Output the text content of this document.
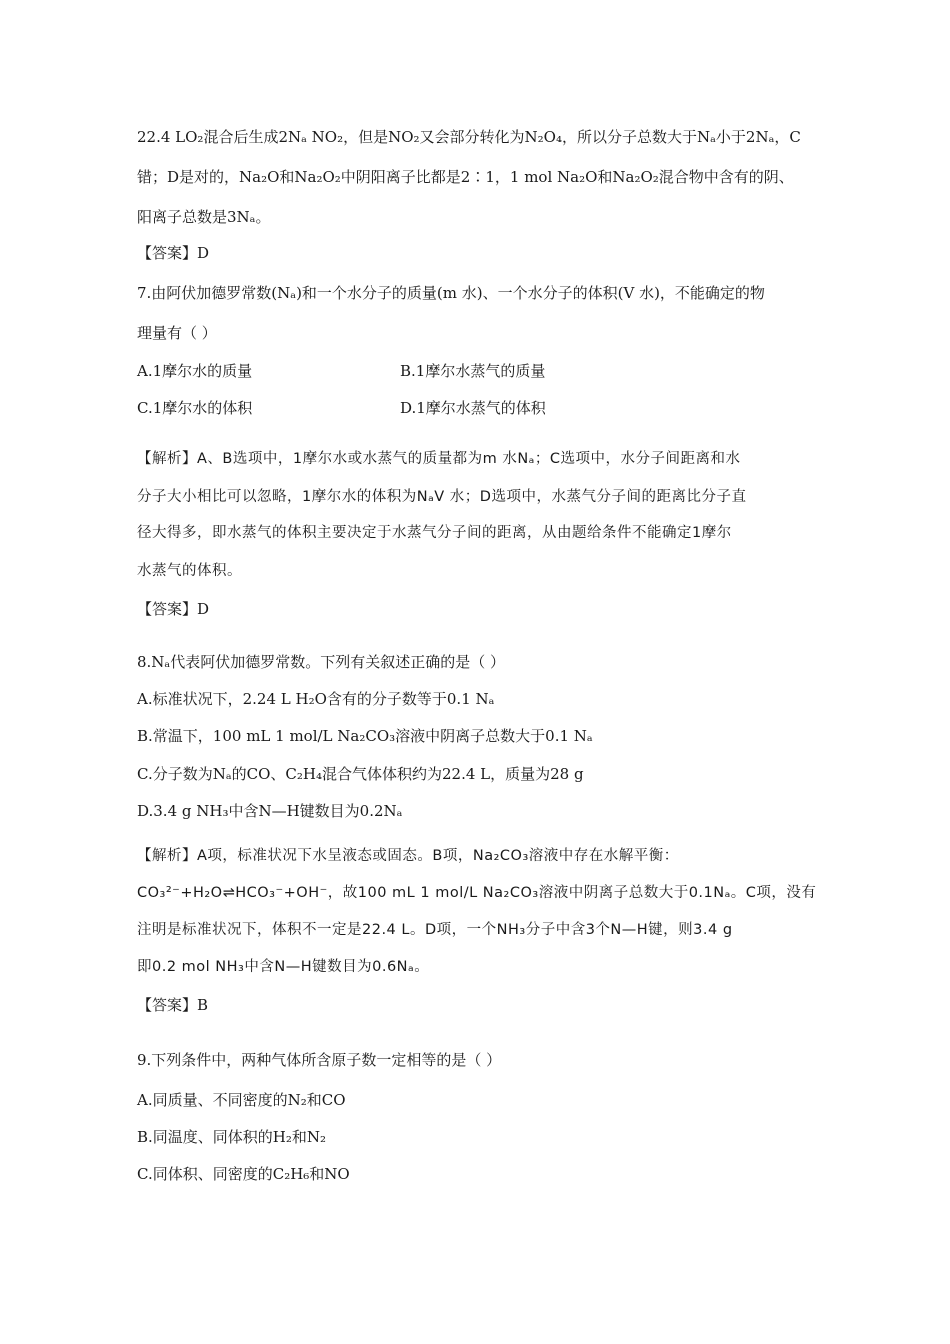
22.4 LO₂混合后生成2Nₐ NO₂，但是NO₂又会部分转化为N₂O₄，所以分子总数大于Nₐ小于2Nₐ，C
错；D是对的，Na₂O和Na₂O₂中阴阳离子比都是2∶1，1 mol Na₂O和Na₂O₂混合物中含有的阴、
阳离子总数是3Nₐ。
【答案】D
7.由阿伏加德罗常数(Nₐ)和一个水分子的质量(m 水)、一个水分子的体积(V 水)，不能确定的物
理量有（ ）
A.1摩尔水的质量	B.1摩尔水蒸气的质量
C.1摩尔水的体积	D.1摩尔水蒸气的体积
【解析】A、B选项中，1摩尔水或水蒸气的质量都为m 水Nₐ；C选项中，水分子间距离和水
分子大小相比可以忽略，1摩尔水的体积为NₐV 水；D选项中，水蒸气分子间的距离比分子直
径大得多，即水蒸气的体积主要决定于水蒸气分子间的距离，从由题给条件不能确定1摩尔
水蒸气的体积。
【答案】D
8.Nₐ代表阿伏加德罗常数。下列有关叙述正确的是（ ）
A.标准状况下，2.24 L H₂O含有的分子数等于0.1 Nₐ
B.常温下，100 mL 1 mol/L Na₂CO₃溶液中阴离子总数大于0.1 Nₐ
C.分子数为Nₐ的CO、C₂H₄混合气体体积约为22.4 L，质量为28 g
D.3.4 g NH₃中含N—H键数目为0.2Nₐ
【解析】A项，标准状况下水呈液态或固态。B项，Na₂CO₃溶液中存在水解平衡：
CO₃²⁻+H₂O⇌HCO₃⁻+OH⁻，故100 mL 1 mol/L Na₂CO₃溶液中阴离子总数大于0.1Nₐ。C项，没有
注明是标准状况下，体积不一定是22.4 L。D项，一个NH₃分子中含3个N—H键，则3.4 g
即0.2 mol NH₃中含N—H键数目为0.6Nₐ。
【答案】B
9.下列条件中，两种气体所含原子数一定相等的是（ ）
A.同质量、不同密度的N₂和CO
B.同温度、同体积的H₂和N₂
C.同体积、同密度的C₂H₆和NO
